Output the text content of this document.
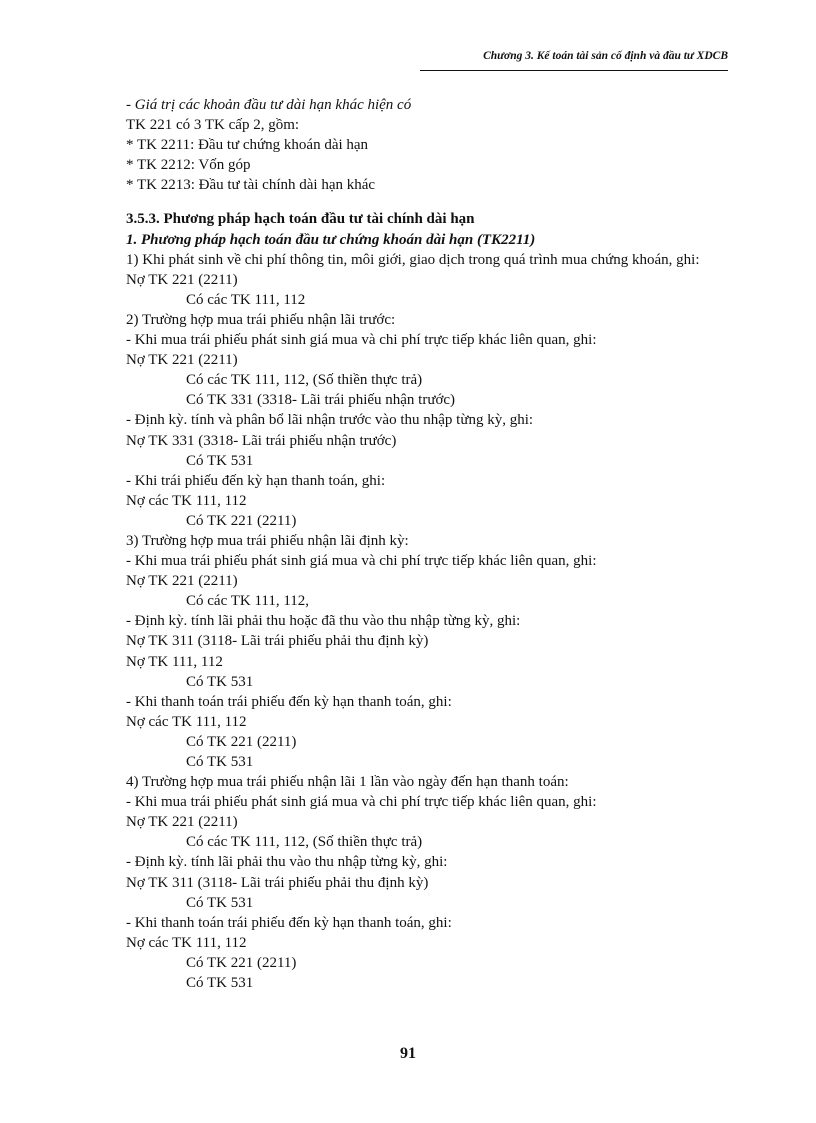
Chương 3. Kế toán tài sản cố định và đầu tư XDCB
- Giá trị các khoản đầu tư dài hạn khác hiện có
TK 221 có 3 TK cấp 2, gồm:
* TK 2211: Đầu tư chứng khoán dài hạn
* TK 2212: Vốn góp
* TK 2213: Đầu tư tài chính dài hạn khác
3.5.3. Phương pháp hạch toán đầu tư tài chính dài hạn
1. Phương pháp hạch toán đầu tư chứng khoán dài hạn (TK2211)
1) Khi phát sinh về chi phí thông tin, môi giới, giao dịch trong quá trình mua chứng khoán, ghi:
Nợ TK 221 (2211)
Có các TK 111, 112
2) Trường hợp mua trái phiếu nhận lãi trước:
- Khi mua trái phiếu phát sinh giá mua và chi phí trực tiếp khác liên quan, ghi:
Nợ TK 221 (2211)
Có các TK 111, 112, (Số thiền thực trả)
Có TK 331 (3318- Lãi trái phiếu nhận trước)
- Định kỳ. tính và phân bổ lãi nhận trước vào thu nhập từng kỳ, ghi:
Nợ TK 331 (3318- Lãi trái phiếu nhận trước)
Có TK 531
- Khi trái phiếu đến kỳ hạn thanh toán, ghi:
Nợ các TK 111, 112
Có TK 221 (2211)
3) Trường hợp mua trái phiếu nhận lãi định kỳ:
- Khi mua trái phiếu phát sinh giá mua và chi phí trực tiếp khác liên quan, ghi:
Nợ TK 221 (2211)
Có các TK 111, 112,
- Định kỳ. tính lãi phải thu hoặc đã thu vào thu nhập từng kỳ, ghi:
Nợ TK 311 (3118- Lãi trái phiếu phải thu định kỳ)
Nợ TK 111, 112
Có TK 531
- Khi thanh toán trái phiếu đến kỳ hạn thanh toán, ghi:
Nợ các TK 111, 112
Có TK 221 (2211)
Có TK 531
4) Trường hợp mua trái phiếu nhận lãi 1 lần vào ngày đến hạn thanh toán:
- Khi mua trái phiếu phát sinh giá mua và chi phí trực tiếp khác liên quan, ghi:
Nợ TK 221 (2211)
Có các TK 111, 112, (Số thiền thực trả)
- Định kỳ. tính lãi phải thu vào thu nhập từng kỳ, ghi:
Nợ TK 311 (3118- Lãi trái phiếu phải thu định kỳ)
Có TK 531
- Khi thanh toán trái phiếu đến kỳ hạn thanh toán, ghi:
Nợ các TK 111, 112
Có TK 221 (2211)
Có TK 531
91
